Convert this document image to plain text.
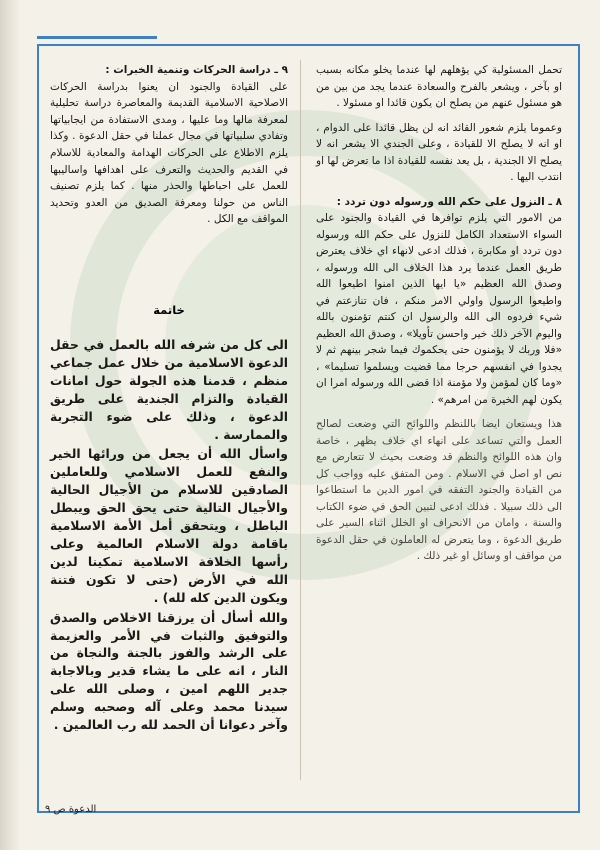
تحمل المسئولية كي يؤهلهم لها عندما يخلو مكانه بسبب او بآخر ، ويشعر بالفرح والسعادة عندما يجد من بين من هو مسئول عنهم من يصلح ان يكون قائدا او مسئولا .

وعموما يلزم شعور القائد انه لن يظل قائدا على الدوام ، او انه لا يصلح الا للقيادة ، وعلى الجندي الا يشعر انه لا يصلح الا الجندية ، بل يعد نفسه للقيادة اذا ما تعرض لها او انتدب اليها .

٨ ـ النزول على حكم الله ورسوله دون تردد :

من الامور التي يلزم توافرها في القيادة والجنود على السواء الاستعداد الكامل للنزول على حكم الله ورسوله دون تردد او مكابرة ، فذلك ادعى لانهاء اي خلاف يعترض طريق العمل عندما يرد هذا الخلاف الى الله ورسوله ، وصدق الله العظيم «يا ايها الذين امنوا اطيعوا الله واطيعوا الرسول واولي الامر منكم ، فان تنازعتم في شيء فردوه الى الله والرسول ان كنتم تؤمنون بالله واليوم الآخر ذلك خير واحسن تأويلا» ، وصدق الله العظيم «فلا وربك لا يؤمنون حتى يحكموك فيما شجر بينهم ثم لا يجدوا في انفسهم حرجا مما قضيت ويسلموا تسليما» ، «وما كان لمؤمن ولا مؤمنة اذا قضى الله ورسوله امرا ان يكون لهم الخيرة من امرهم» .

هذا ويستعان ايضا باللنظم واللوائح التي وضعت لصالح العمل والتي تساعد على انهاء اي خلاف يظهر ، خاصة وان هذه اللوائح والنظم قد وضعت بحيث لا تتعارض مع نص او اصل في الاسلام . ومن المتفق عليه وواجب كل من القيادة والجنود التفقه في امور الدين ما استطاعوا الى ذلك سبيلا . فذلك ادعى لتبين الحق في ضوء الكتاب والسنة ، وامان من الانحراف او الخلل اثناء السير على طريق الدعوة ، وما يتعرض له العاملون في حقل الدعوة من مواقف او وسائل او غير ذلك .

٩ ـ دراسة الحركات وتنمية الخبرات :

على القيادة والجنود ان يعنوا بدراسة الحركات الاصلاحية الاسلامية القديمة والمعاصرة دراسة تحليلية لمعرفة مالها وما عليها ، ومدى الاستفادة من ايجابياتها وتفادي سلبياتها في مجال عملنا في حقل الدعوة . وكذا يلزم الاطلاع على الحركات الهدامة والمعادية للاسلام في القديم والحديث والتعرف على اهدافها واساليبها للعمل على احباطها والحذر منها . كما يلزم تصنيف الناس من حولنا ومعرفة الصديق من العدو وتحديد المواقف مع الكل .

خاتمة

الى كل من شرفه الله بالعمل في حقل الدعوة الاسلامية من خلال عمل جماعي منظم ، قدمنا هذه الجولة حول امانات القيادة والتزام الجندية على طريق الدعوة ، وذلك على ضوء التجربة والممارسة .

واسأل الله أن يجعل من ورائها الخير والنفع للعمل الاسلامي وللعاملين الصادقين للاسلام من الأجيال الحالية والأجيال التالية حتى يحق الحق ويبطل الباطل ، ويتحقق أمل الأمة الاسلامية باقامة دولة الاسلام العالمية وعلى رأسها الخلافة الاسلامية تمكينا لدين الله في الأرض (حتى لا تكون فتنة ويكون الدين كله لله) .

والله أسأل أن يرزقنا الاخلاص والصدق والتوفيق والثبات في الأمر والعزيمة على الرشد والفوز بالجنة والنجاة من النار ، انه على ما يشاء قدير وبالاجابة جدير اللهم امين ، وصلى الله على سيدنا محمد وعلى آله وصحبه وسلم وآخر دعوانا أن الحمد لله رب العالمين .

الدعوة ص ٩
